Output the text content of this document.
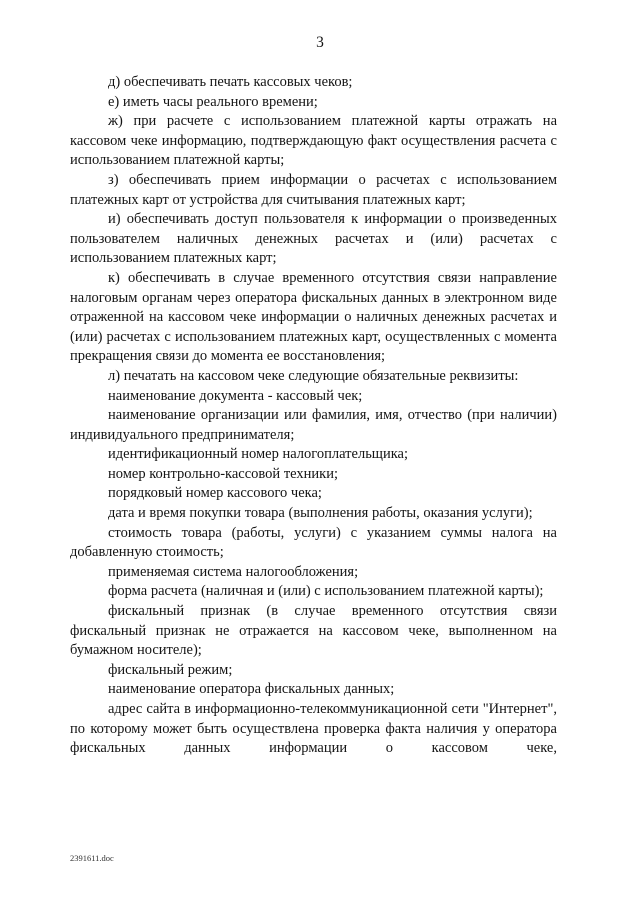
3

д) обеспечивать печать кассовых чеков;

е) иметь часы реального времени;

ж) при расчете с использованием платежной карты отражать на кассовом чеке информацию, подтверждающую факт осуществления расчета с использованием платежной карты;

з) обеспечивать прием информации о расчетах с использованием платежных карт от устройства для считывания платежных карт;

и) обеспечивать доступ пользователя к информации о произведенных пользователем наличных денежных расчетах и (или) расчетах с использованием платежных карт;

к) обеспечивать в случае временного отсутствия связи направление налоговым органам через оператора фискальных данных в электронном виде отраженной на кассовом чеке информации о наличных денежных расчетах и (или) расчетах с использованием платежных карт, осуществленных с момента прекращения связи до момента ее восстановления;

л) печатать на кассовом чеке следующие обязательные реквизиты:

наименование документа - кассовый чек;

наименование организации или фамилия, имя, отчество (при наличии) индивидуального предпринимателя;

идентификационный номер налогоплательщика;

номер контрольно-кассовой техники;

порядковый номер кассового чека;

дата и время покупки товара (выполнения работы, оказания услуги);

стоимость товара (работы, услуги) с указанием суммы налога на добавленную стоимость;

применяемая система налогообложения;

форма расчета (наличная и (или) с использованием платежной карты);

фискальный признак (в случае временного отсутствия связи фискальный признак не отражается на кассовом чеке, выполненном на бумажном носителе);

фискальный режим;

наименование оператора фискальных данных;

адрес сайта в информационно-телекоммуникационной сети "Интернет", по которому может быть осуществлена проверка факта наличия у оператора фискальных данных информации о кассовом чеке,

2391611.doc
